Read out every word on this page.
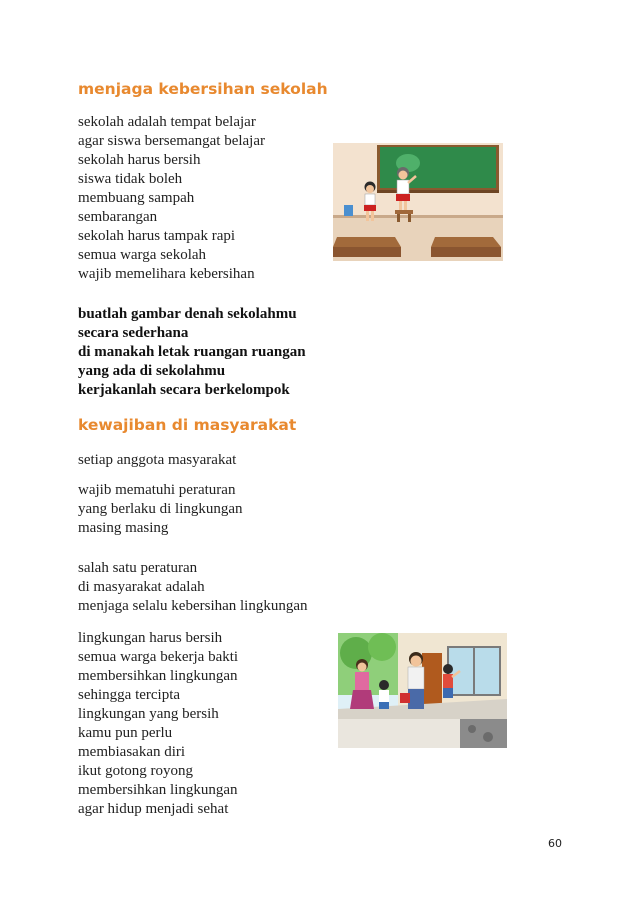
menjaga kebersihan sekolah
sekolah adalah tempat belajar
agar siswa bersemangat belajar
sekolah harus bersih
siswa tidak boleh
membuang sampah
sembarangan
sekolah harus tampak rapi
semua warga sekolah
wajib memelihara kebersihan
buatlah gambar denah sekolahmu
secara sederhana
di manakah letak ruangan ruangan
yang ada di sekolahmu
kerjakanlah secara berkelompok
kewajiban di masyarakat
setiap anggota masyarakat
wajib mematuhi peraturan
yang berlaku di lingkungan
masing masing
salah satu peraturan
di masyarakat adalah
menjaga selalu kebersihan lingkungan
lingkungan harus bersih
semua warga bekerja bakti
membersihkan lingkungan
sehingga tercipta
lingkungan yang bersih
kamu pun perlu
membiasakan diri
ikut gotong royong
membersihkan lingkungan
agar hidup menjadi sehat
60
